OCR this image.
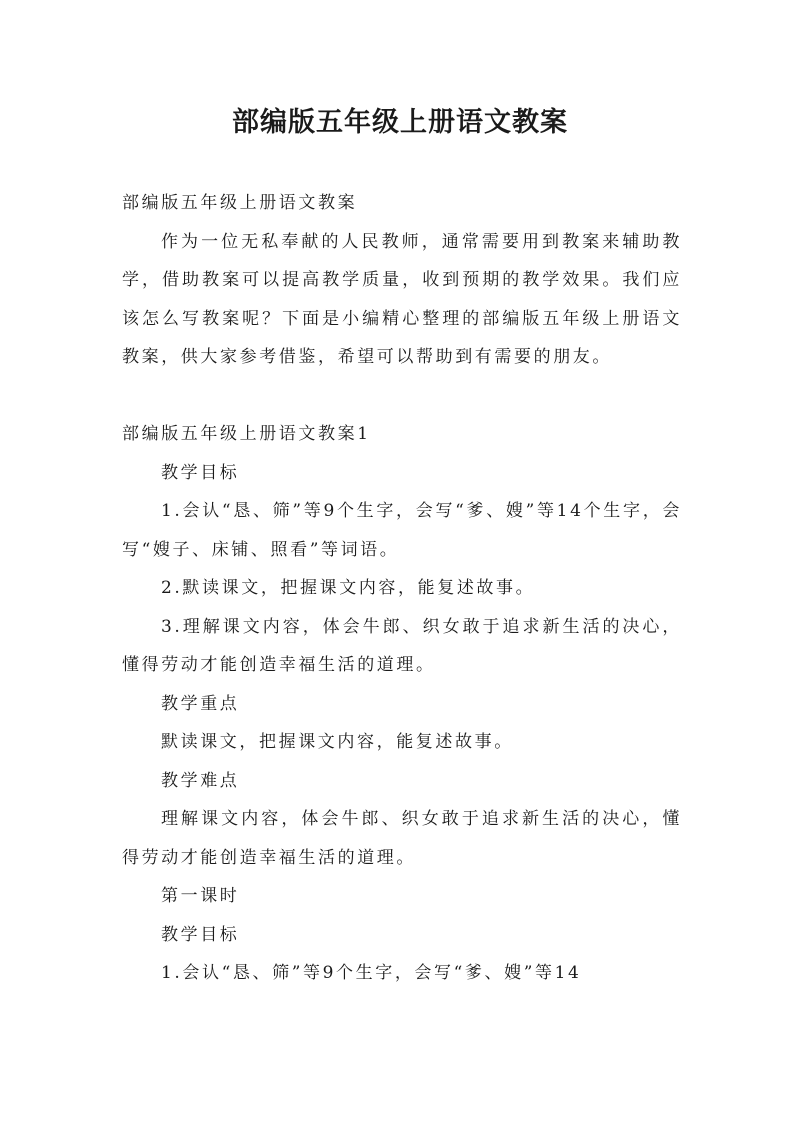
部编版五年级上册语文教案

部编版五年级上册语文教案

作为一位无私奉献的人民教师，通常需要用到教案来辅助教学，借助教案可以提高教学质量，收到预期的教学效果。我们应该怎么写教案呢？下面是小编精心整理的部编版五年级上册语文教案，供大家参考借鉴，希望可以帮助到有需要的朋友。

部编版五年级上册语文教案1

教学目标

1.会认“恳、筛”等9个生字，会写“爹、嫂”等14个生字，会写“嫂子、床铺、照看”等词语。

2.默读课文，把握课文内容，能复述故事。

3.理解课文内容，体会牛郎、织女敢于追求新生活的决心，懂得劳动才能创造幸福生活的道理。

教学重点

默读课文，把握课文内容，能复述故事。

教学难点

理解课文内容，体会牛郎、织女敢于追求新生活的决心，懂得劳动才能创造幸福生活的道理。

第一课时

教学目标

1.会认“恳、筛”等9个生字，会写“爹、嫂”等14
